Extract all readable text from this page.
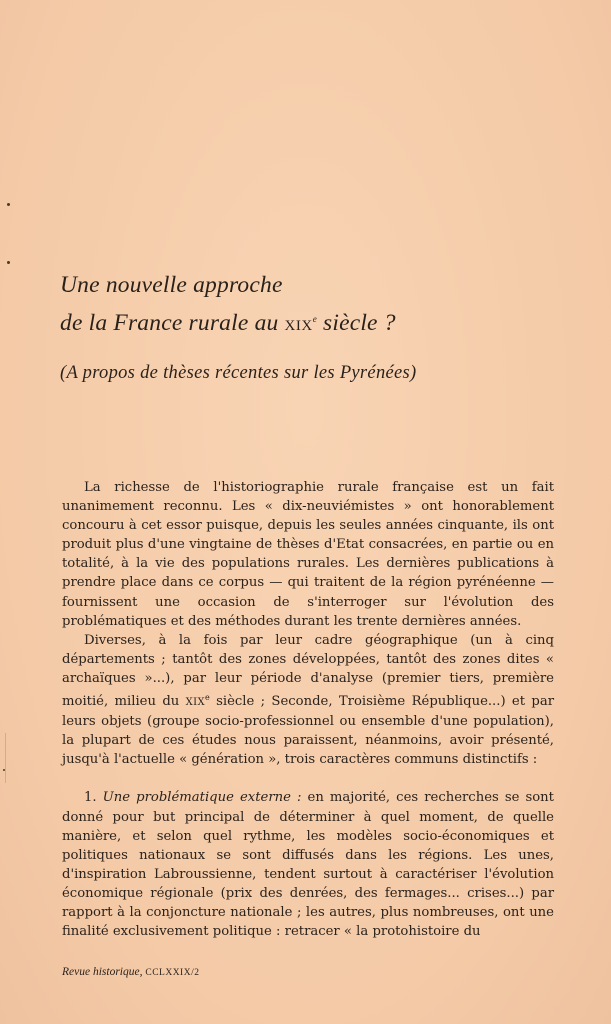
Une nouvelle approche
de la France rurale au XIXe siècle ?
(A propos de thèses récentes sur les Pyrénées)

La richesse de l'historiographie rurale française est un fait unanimement reconnu. Les « dix-neuviémistes » ont honorablement concouru à cet essor puisque, depuis les seules années cinquante, ils ont produit plus d'une vingtaine de thèses d'Etat consacrées, en partie ou en totalité, à la vie des populations rurales. Les dernières publications à prendre place dans ce corpus — qui traitent de la région pyrénéenne — fournissent une occasion de s'interroger sur l'évolution des problématiques et des méthodes durant les trente dernières années.

Diverses, à la fois par leur cadre géographique (un à cinq départements ; tantôt des zones développées, tantôt des zones dites « archaïques »...), par leur période d'analyse (premier tiers, première moitié, milieu du XIXe siècle ; Seconde, Troisième République...) et par leurs objets (groupe socio-professionnel ou ensemble d'une population), la plupart de ces études nous paraissent, néanmoins, avoir présenté, jusqu'à l'actuelle « génération », trois caractères communs distinctifs :

1. Une problématique externe : en majorité, ces recherches se sont donné pour but principal de déterminer à quel moment, de quelle manière, et selon quel rythme, les modèles socio-économiques et politiques nationaux se sont diffusés dans les régions. Les unes, d'inspiration Labroussienne, tendent surtout à caractériser l'évolution économique régionale (prix des denrées, des fermages... crises...) par rapport à la conjoncture nationale ; les autres, plus nombreuses, ont une finalité exclusivement politique : retracer « la protohistoire du

Revue historique, CCLXXIX/2
